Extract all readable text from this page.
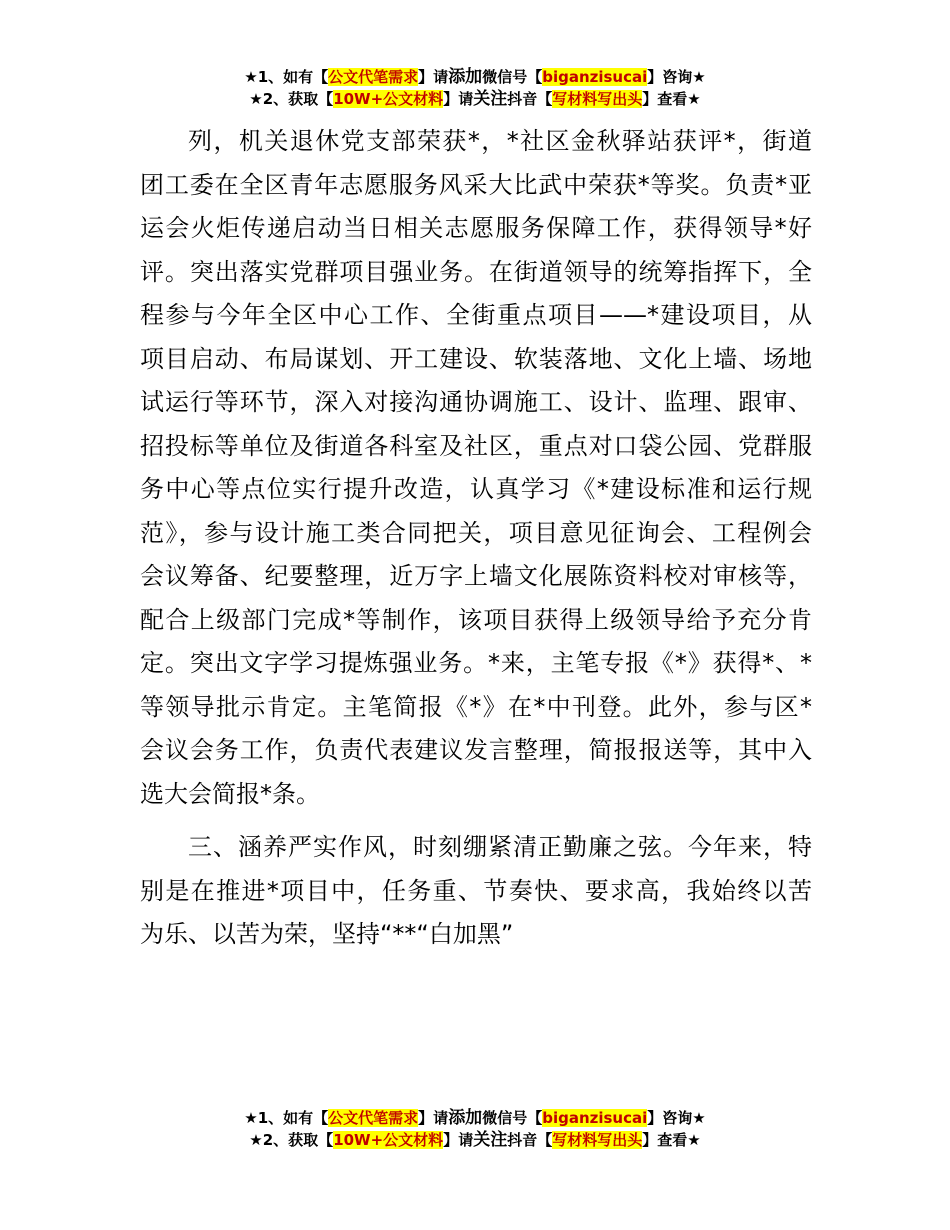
★1、如有【公文代笔需求】请添加微信号【biganzisucai】咨询★
★2、获取【10W+公文材料】请关注抖音【写材料写出头】查看★

列，机关退休党支部荣获*，*社区金秋驿站获评*，街道
团工委在全区青年志愿服务风采大比武中荣获*等奖。负责*亚
运会火炬传递启动当日相关志愿服务保障工作，获得领导*好
评。突出落实党群项目强业务。在街道领导的统筹指挥下，全
程参与今年全区中心工作、全街重点项目——*建设项目，从
项目启动、布局谋划、开工建设、软装落地、文化上墙、场地
试运行等环节，深入对接沟通协调施工、设计、监理、跟审、
招投标等单位及街道各科室及社区，重点对口袋公园、党群服
务中心等点位实行提升改造，认真学习《*建设标准和运行规
范》，参与设计施工类合同把关，项目意见征询会、工程例会
会议筹备、纪要整理，近万字上墙文化展陈资料校对审核等，
配合上级部门完成*等制作，该项目获得上级领导给予充分肯
定。突出文字学习提炼强业务。*来，主笔专报《*》获得*、*
等领导批示肯定。主笔简报《*》在*中刊登。此外，参与区*
会议会务工作，负责代表建议发言整理，简报报送等，其中入
选大会简报*条。

三、涵养严实作风，时刻绷紧清正勤廉之弦。今年来，特
别是在推进*项目中，任务重、节奏快、要求高，我始终以苦
为乐、以苦为荣，坚持“**“白加黑”

★1、如有【公文代笔需求】请添加微信号【biganzisucai】咨询★
★2、获取【10W+公文材料】请关注抖音【写材料写出头】查看★
